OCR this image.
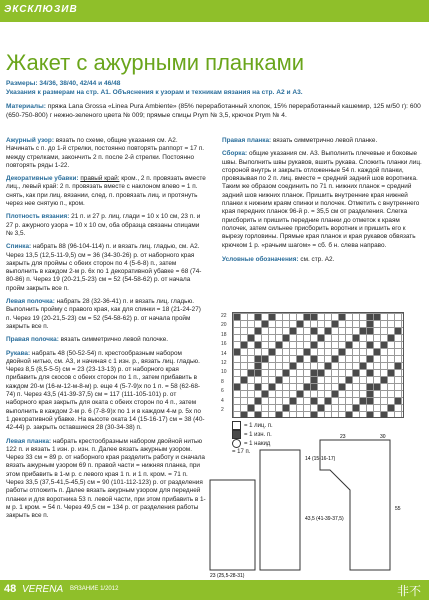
ЭКСКЛЮЗИВ
Жакет с ажурными планками
Размеры: 34/36, 38/40, 42/44 и 46/48
Указания к размерам на стр. А1. Объяснения к узорам и техникам вязания на стр. А2 и А3.
Материалы: пряжа Lana Grossa «Linea Pura Ambiente» (85% переработанный хлопок, 15% переработанный кашемир, 125 м/50 г): 600 (650-750-800) г нежно-зеленого цвета № 009; прямые спицы Prym № 3,5, крючок Prym № 4.
Ажурный узор: вязать по схеме, общие указания см. А2. Начинать с п. до 1-й стрелки, постоянно повторять раппорт = 17 п. между стрелками, закончить 2 п. после 2-й стрелки. Постоянно повторять ряды 1-22.
Декоративные убавки: правый край: кром., 2 п. провязать вместе лиц., левый край: 2 п. провязать вместе с наклоном влево = 1 п. снять, как при лиц. вязании, след. п. провязать лиц. и протянуть через нее снятую п., кром.
Плотность вязания: 21 п. и 27 р. лиц. глади = 10 x 10 см, 23 п. и 27 р. ажурного узора = 10 x 10 см, оба образца связаны спицами № 3,5.
Спинка: набрать 88 (96-104-114) п. и вязать лиц. гладью, см. А2. Через 13,5 (12,5-11-9,5) см = 36 (34-30-26) р. от наборного края закрыть для проймы с обеих сторон по 4 (5-6-8) п., затем выполнить в каждом 2-м р. 6x по 1 декоративной убавке = 68 (74-80-86) п. Через 19 (20-21,5-23) см = 52 (54-58-62) р. от начала пройм закрыть все п.
Левая полочка: набрать 28 (32-36-41) п. и вязать лиц. гладью. Выполнить пройму с правого края, как для спинки = 18 (21-24-27) п. Через 19 (20-21,5-23) см = 52 (54-58-62) р. от начала пройм закрыть все п.
Правая полочка: вязать симметрично левой полочке.
Рукава: набрать 48 (50-52-54) п. крестообразным набором двойной нитью, см. А3, и начиная с 1 изн. р., вязать лиц. гладью. Через 8,5 (8,5-5-5) см = 23 (23-13-13) р. от наборного края прибавить для скосов с обеих сторон по 1 п., затем прибавить в каждом 20-м (16-м-12-м-8-м) р. еще 4 (5-7-9)x по 1 п. = 58 (62-68-74) п. Через 43,5 (41-39-37,5) см = 117 (111-105-101) р. от наборного края закрыть для оката с обеих сторон по 4 п., затем выполнить в каждом 2-м р. 6 (7-8-9)x по 1 и в каждом 4-м р. 5x по 1 декоративной убавке. На высоте оката 14 (15-16-17) см = 38 (40-42-44) р. закрыть оставшиеся 28 (30-34-38) п.
Левая планка: набрать крестообразным набором двойной нитью 122 п. и вязать 1 изн. р. изн. п. Далее вязать ажурным узором. Через 33 см = 89 р. от наборного края разделить работу и сначала вязать ажурным узором 69 п. правой части = нижняя планка, при этом прибавить в 1-м р. с левого края 1 п. и 1 п. кром. = 71 п. Через 33,5 (37,5-41,5-45,5) см = 90 (101-112-123) р. от разделения работы отложить п. Далее вязать ажурным узором для передней планки и для воротника 53 п. левой части, при этом прибавить в 1-м р. 1 кром. = 54 п. Через 49,5 см = 134 р. от разделения работы закрыть все п.
Правая планка: вязать симметрично левой планке.
Сборка: общие указания см. А3. Выполнить плечевые и боковые швы. Выполнить швы рукавов, вшить рукава. Сложить планки лиц. стороной внутрь и закрыть отложенные 54 п. каждой планки, провязывая по 2 п. лиц. вместе = средний задний шов воротника. Таким же образом соединить по 71 п. нижних планок = средний задний шов нижних планок. Пришить внутренние края нижней планки к нижним краям спинки и полочек. Отметить с внутреннего края передних планок 96-й р. = 35,5 см от разделения. Слегка присборить и пришить передние планки до отметок к краям полочек, затем сильнее присборить воротник и пришить его к вырезу горловины. Прямые края планок и края рукавов обвязать крючком 1 р. «рачьим шагом» = сб. б н. слева направо.
Условные обозначения: см. стр. А2.
22
20
18
16
14
12
10
8
6
4
2
= 1 лиц. п.
= 1 изн. п.
= 1 накид
= 17 п.
23	30
55
43,5 (41-39-37,5)
14 (15-16-17)
23 (25,5-28-31)
48 VERENA ВЯЗАНИЕ 1/2012	非不
